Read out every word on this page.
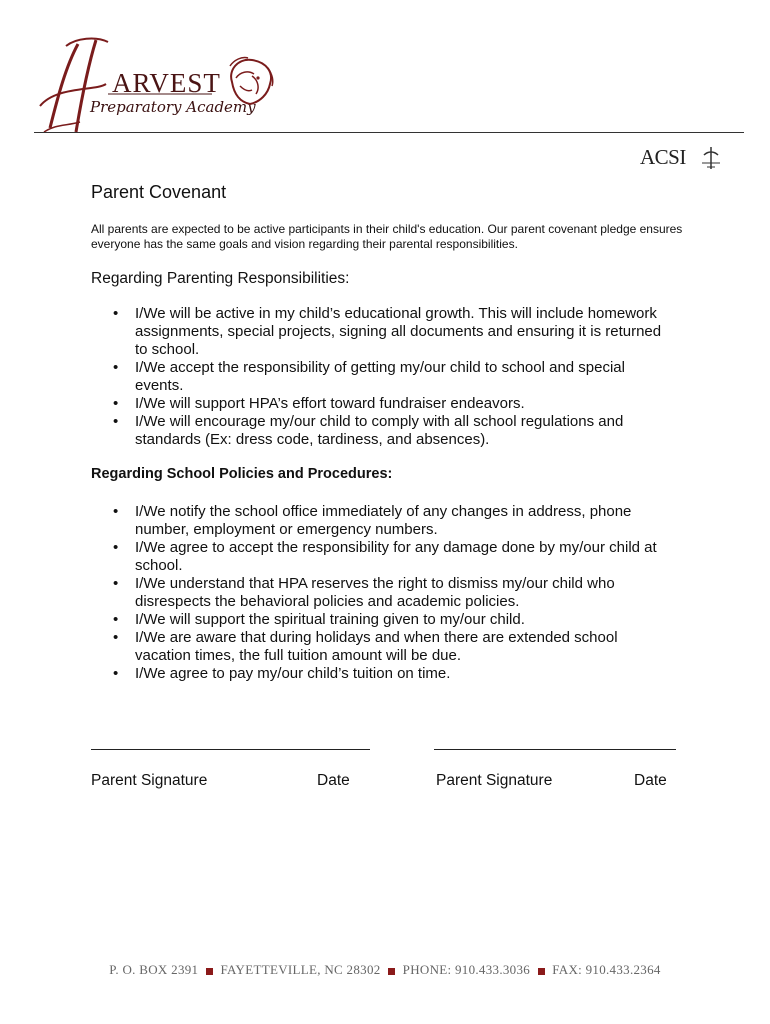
ARVEST
Preparatory Academy
ACSI
Parent Covenant
All parents are expected to be active participants in their child's education. Our parent covenant pledge ensures everyone has the same goals and vision regarding their parental responsibilities.
Regarding Parenting Responsibilities:
• I/We will be active in my child’s educational growth. This will include homework assignments, special projects, signing all documents and ensuring it is returned to school.
• I/We accept the responsibility of getting my/our child to school and special events.
• I/We will support HPA’s effort toward fundraiser endeavors.
• I/We will encourage my/our child to comply with all school regulations and standards (Ex: dress code, tardiness, and absences).
Regarding School Policies and Procedures:
• I/We notify the school office immediately of any changes in address, phone number, employment or emergency numbers.
• I/We agree to accept the responsibility for any damage done by my/our child at school.
• I/We understand that HPA reserves the right to dismiss my/our child who disrespects the behavioral policies and academic policies.
• I/We will support the spiritual training given to my/our child.
• I/We are aware that during holidays and when there are extended school vacation times, the full tuition amount will be due.
• I/We agree to pay my/our child’s tuition on time.
Parent Signature	Date	Parent Signature	Date
P. O. BOX 2391 FAYETTEVILLE, NC 28302 PHONE: 910.433.3036 FAX: 910.433.2364
